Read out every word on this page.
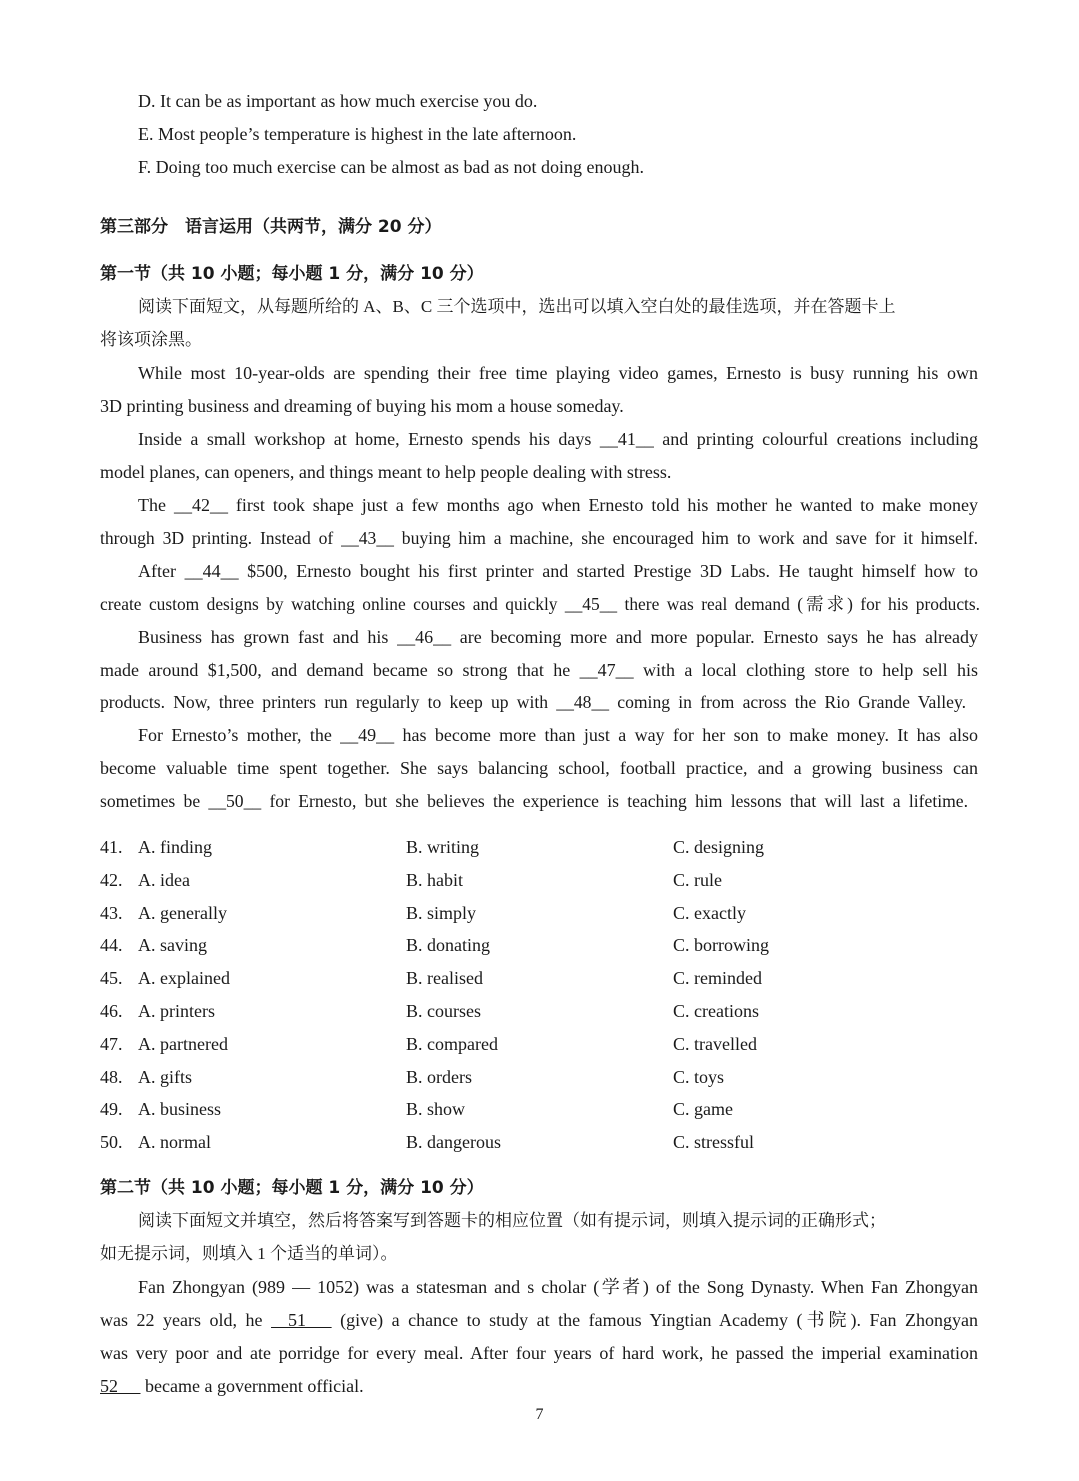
D. It can be as important as how much exercise you do.
E. Most people’s temperature is highest in the late afternoon.
F. Doing too much exercise can be almost as bad as not doing enough.
第三部分　语言运用（共两节，满分 20 分）
第一节（共 10 小题；每小题 1 分，满分 10 分）
阅读下面短文，从每题所给的 A、B、C 三个选项中，选出可以填入空白处的最佳选项，并在答题卡上
将该项涂黑。
While most 10-year-olds are spending their free time playing video games, Ernesto is busy running his own
3D printing business and dreaming of buying his mom a house someday.
Inside a small workshop at home, Ernesto spends his days __41__ and printing colourful creations including
model planes, can openers, and things meant to help people dealing with stress.
The __42__ first took shape just a few months ago when Ernesto told his mother he wanted to make money
through 3D printing. Instead of __43__ buying him a machine, she encouraged him to work and save for it himself.
After __44__ $500, Ernesto bought his first printer and started Prestige 3D Labs. He taught himself how to
create custom designs by watching online courses and quickly __45__ there was real demand (需求) for his products.
Business has grown fast and his __46__ are becoming more and more popular. Ernesto says he has already
made around $1,500, and demand became so strong that he __47__ with a local clothing store to help sell his
products. Now, three printers run regularly to keep up with __48__ coming in from across the Rio Grande Valley.
For Ernesto’s mother, the __49__ has become more than just a way for her son to make money. It has also
become valuable time spent together. She says balancing school, football practice, and a growing business can
sometimes be __50__ for Ernesto, but she believes the experience is teaching him lessons that will last a lifetime.
41. A. finding	B. writing	C. designing
42. A. idea	B. habit	C. rule
43. A. generally	B. simply	C. exactly
44. A. saving	B. donating	C. borrowing
45. A. explained	B. realised	C. reminded
46. A. printers	B. courses	C. creations
47. A. partnered	B. compared	C. travelled
48. A. gifts	B. orders	C. toys
49. A. business	B. show	C. game
50. A. normal	B. dangerous	C. stressful
第二节（共 10 小题；每小题 1 分，满分 10 分）
阅读下面短文并填空，然后将答案写到答题卡的相应位置（如有提示词，则填入提示词的正确形式；
如无提示词，则填入 1 个适当的单词）。
Fan Zhongyan (989 — 1052) was a statesman and s cholar (学者) of the Song Dynasty. When Fan Zhongyan
was 22 years old, he   51    (give) a chance to study at the famous Yingtian Academy (书院). Fan Zhongyan
was very poor and ate porridge for every meal. After four years of hard work, he passed the imperial examination
52      became a government official.
7
